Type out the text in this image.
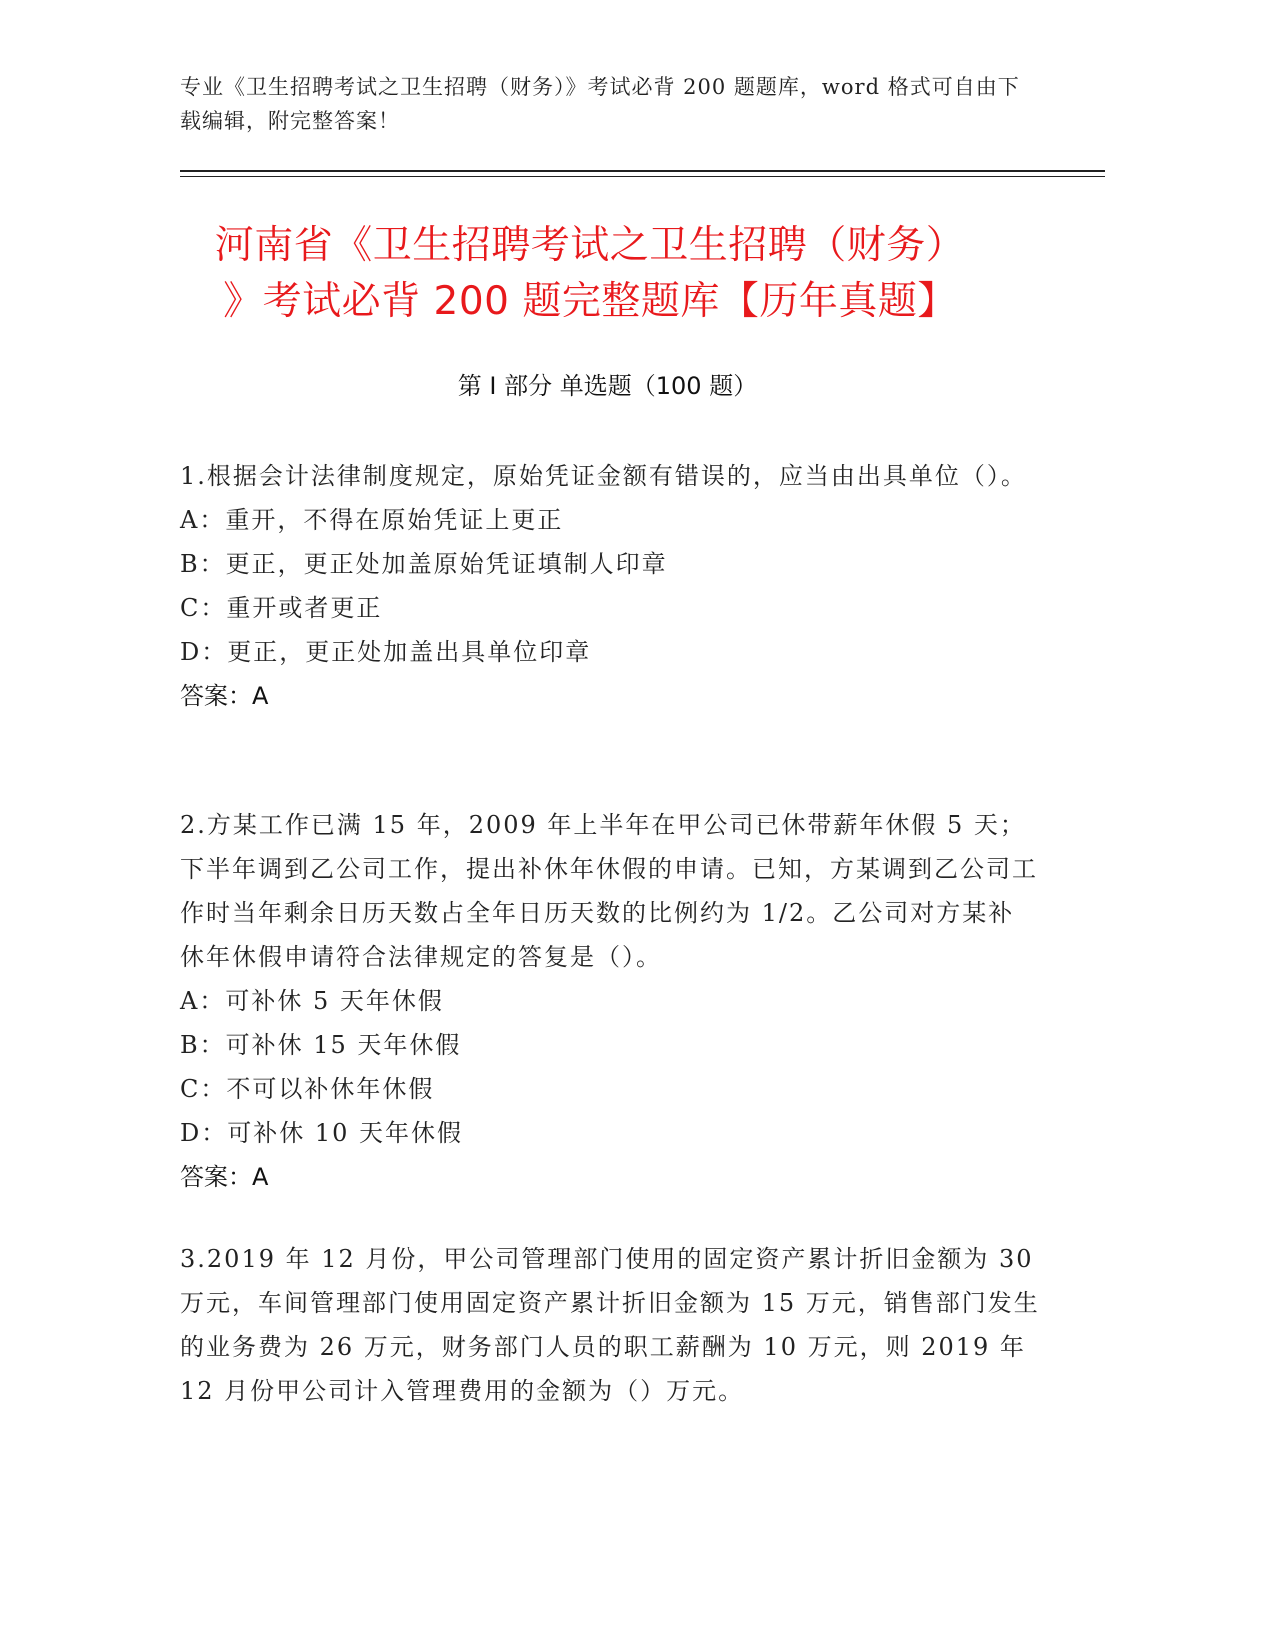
专业《卫生招聘考试之卫生招聘（财务）》考试必背 200 题题库，word 格式可自由下载编辑，附完整答案！
河南省《卫生招聘考试之卫生招聘（财务）
》考试必背 200 题完整题库【历年真题】
第 I 部分 单选题（100 题）

1.根据会计法律制度规定，原始凭证金额有错误的，应当由出具单位（）。

A：重开，不得在原始凭证上更正

B：更正，更正处加盖原始凭证填制人印章

C：重开或者更正

D：更正，更正处加盖出具单位印章

答案：A

2.方某工作已满 15 年，2009 年上半年在甲公司已休带薪年休假 5 天；下半年调到乙公司工作，提出补休年休假的申请。已知，方某调到乙公司工作时当年剩余日历天数占全年日历天数的比例约为 1/2。乙公司对方某补休年休假申请符合法律规定的答复是（）。

A：可补休 5 天年休假

B：可补休 15 天年休假

C：不可以补休年休假

D：可补休 10 天年休假

答案：A

3.2019 年 12 月份，甲公司管理部门使用的固定资产累计折旧金额为 30 万元，车间管理部门使用固定资产累计折旧金额为 15 万元，销售部门发生的业务费为 26 万元，财务部门人员的职工薪酬为 10 万元，则 2019 年 12 月份甲公司计入管理费用的金额为（）万元。
